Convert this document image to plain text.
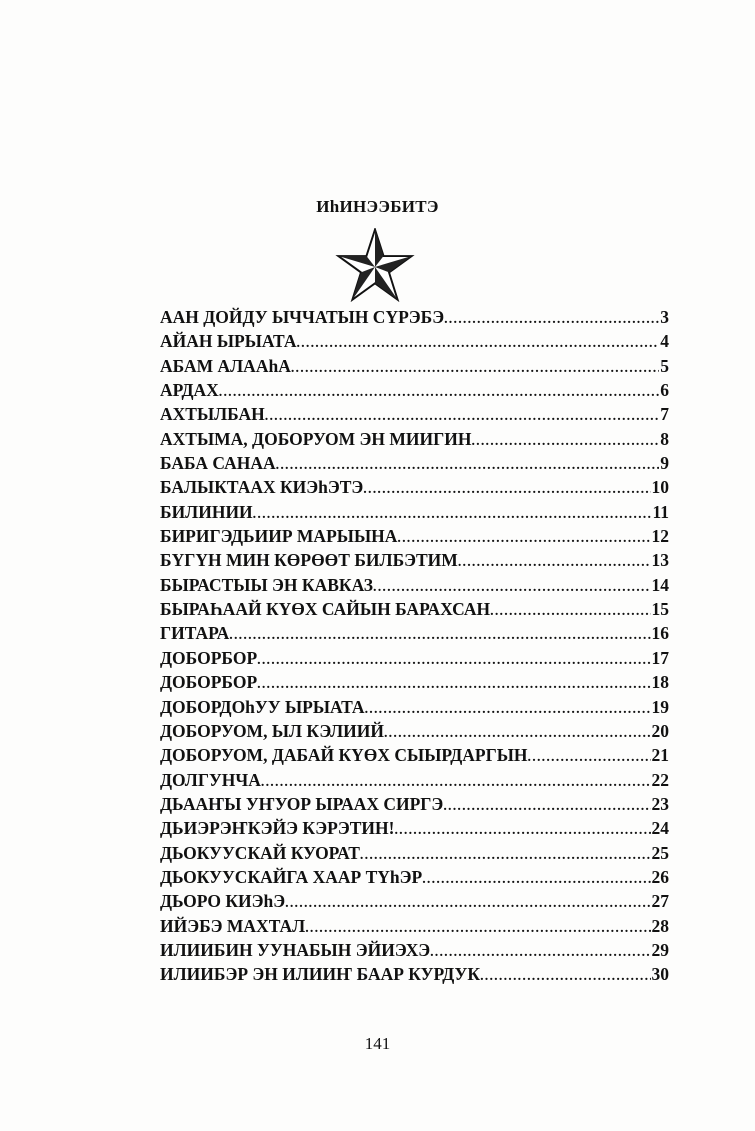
ИhИНЭЭБИТЭ
ААН ДОЙДУ ЫЧЧАТЫН СYРЭБЭ .....	3
АЙАН ЫРЫАТА .....	4
АБАМ АЛААhА .....	5
АРДАХ .....	6
АХТЫЛБАН .....	7
АХТЫМА, ДОБОРУОМ ЭН МИИГИН .....	8
БАБА САНАА .....	9
БАЛЫКТААХ КИЭhЭТЭ .....	10
БИЛИНИИ .....	11
БИРИГЭДЬИИР МАРЫЫНА .....	12
БYГYН МИН КӨРӨӨТ БИЛБЭТИМ .....	13
БЫРАСТЫЫ ЭН КАВКАЗ .....	14
БЫРАҺААЙ КYӨХ САЙЫН БАРАХСАН .....	15
ГИТАРА .....	16
ДОБОРБОР .....	17
ДОБОРБОР .....	18
ДОБОРДОhУУ ЫРЫАТА .....	19
ДОБОРУОМ, ЫЛ КЭЛИИЙ .....	20
ДОБОРУОМ, ДАБАЙ КYӨХ СЫЫРДАРГЫН .....	21
ДОЛГУНЧА .....	22
ДЬААҤЫ УҤУОР ЫРААХ СИРГЭ .....	23
ДЬИЭРЭҤКЭЙЭ КЭРЭТИН! .....	24
ДЬОКУУСКАЙ КУОРАТ .....	25
ДЬОКУУСКАЙГА ХААР ТYhЭР .....	26
ДЬОРО КИЭhЭ .....	27
ИЙЭБЭ МАХТАЛ .....	28
ИЛИИБИН УУНАБЫН ЭЙИЭХЭ .....	29
ИЛИИБЭР ЭН ИЛИИҤ БААР КУРДУК .....	30
141
